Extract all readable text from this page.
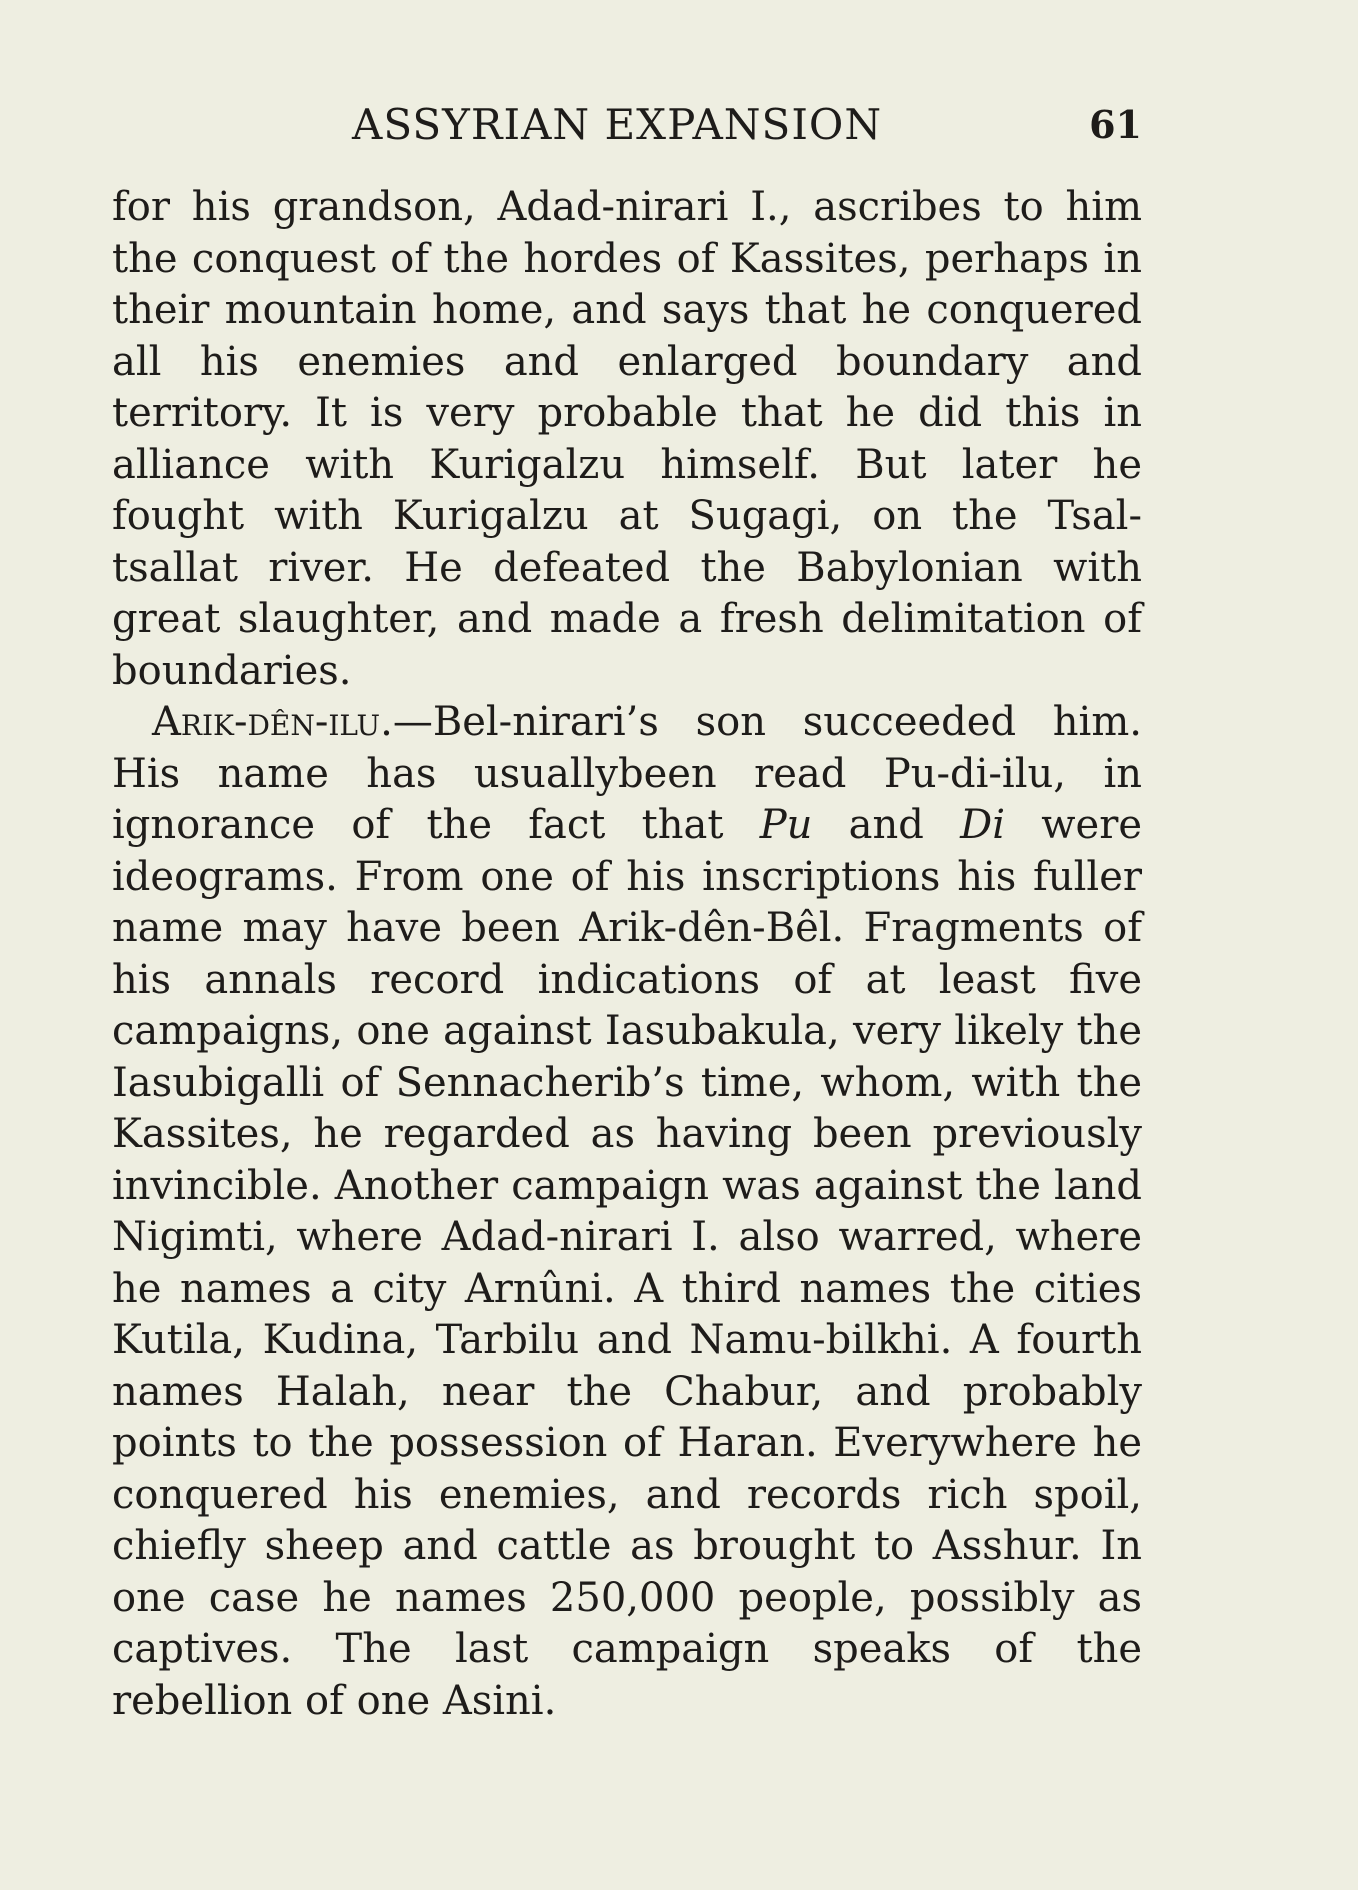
ASSYRIAN EXPANSION	61

for his grandson, Adad-nirari I., ascribes to him the conquest of the hordes of Kassites, perhaps in their mountain home, and says that he conquered all his enemies and enlarged boundary and territory. It is very probable that he did this in alliance with Kurigalzu himself. But later he fought with Kurigalzu at Sugagi, on the Tsal-tsallat river. He defeated the Babylonian with great slaughter, and made a fresh delimitation of boundaries.

Arik-dên-ilu.—Bel-nirari’s son succeeded him. His name has usuallybeen read Pu-di-ilu, in ignorance of the fact that Pu and Di were ideograms. From one of his inscriptions his fuller name may have been Arik-dên-Bêl. Fragments of his annals record indications of at least five campaigns, one against Iasubakula, very likely the Iasubigalli of Sennacherib’s time, whom, with the Kassites, he regarded as having been previously invincible. Another campaign was against the land Nigimti, where Adad-nirari I. also warred, where he names a city Arnûni. A third names the cities Kutila, Kudina, Tarbilu and Namu-bilkhi. A fourth names Halah, near the Chabur, and probably points to the possession of Haran. Everywhere he conquered his enemies, and records rich spoil, chiefly sheep and cattle as brought to Asshur. In one case he names 250,000 people, possibly as captives. The last campaign speaks of the rebellion of one Asini.
